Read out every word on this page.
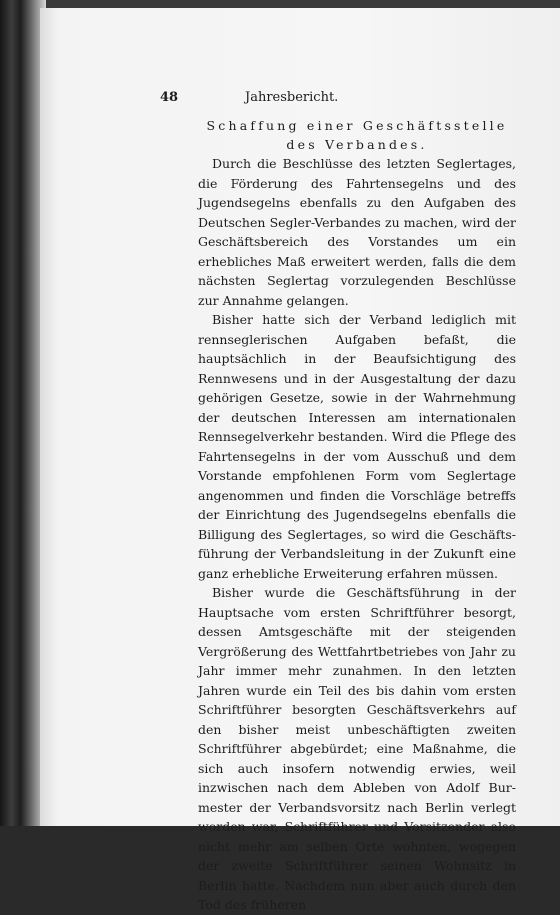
48	Jahresbericht.

Schaffung einer Geschäftsstelle des Verbandes.

Durch die Beschlüsse des letzten Seglertages, die Förderung des Fahrtensegelns und des Jugendsegelns ebenfalls zu den Aufgaben des Deutschen Segler-Verbandes zu machen, wird der Geschäftsbereich des Vorstandes um ein erhebliches Maß erweitert werden, falls die dem nächsten Seglertag vorzulegenden Beschlüsse zur Annahme gelangen.

Bisher hatte sich der Verband lediglich mit rennseglerischen Aufgaben befaßt, die hauptsächlich in der Beaufsichtigung des Rennwesens und in der Ausgestaltung der dazu gehörigen Gesetze, sowie in der Wahrnehmung der deutschen Interessen am internationalen Rennsegelverkehr bestanden. Wird die Pflege des Fahrtensegelns in der vom Ausschuß und dem Vorstande empfohlenen Form vom Seglertage angenommen und finden die Vorschläge betreffs der Einrichtung des Jugendsegelns ebenfalls die Billigung des Seglertages, so wird die Geschäftsführung der Verbandsleitung in der Zukunft eine ganz erhebliche Erweiterung erfahren müssen.

Bisher wurde die Geschäftsführung in der Hauptsache vom ersten Schriftführer besorgt, dessen Amtsgeschäfte mit der steigenden Vergrößerung des Wettfahrtbetriebes von Jahr zu Jahr immer mehr zunahmen. In den letzten Jahren wurde ein Teil des bis dahin vom ersten Schriftführer besorgten Geschäftsverkehrs auf den bisher meist unbeschäftigten zweiten Schriftführer abgebürdet; eine Maßnahme, die sich auch insofern notwendig erwies, weil inzwischen nach dem Ableben von Adolf Burmester der Verbandsvorsitz nach Berlin verlegt worden war, Schriftführer und Vorsitzender also nicht mehr am selben Orte wohnten, wogegen der zweite Schriftführer seinen Wohnsitz in Berlin hatte. Nachdem nun aber auch durch den Tod des früheren
